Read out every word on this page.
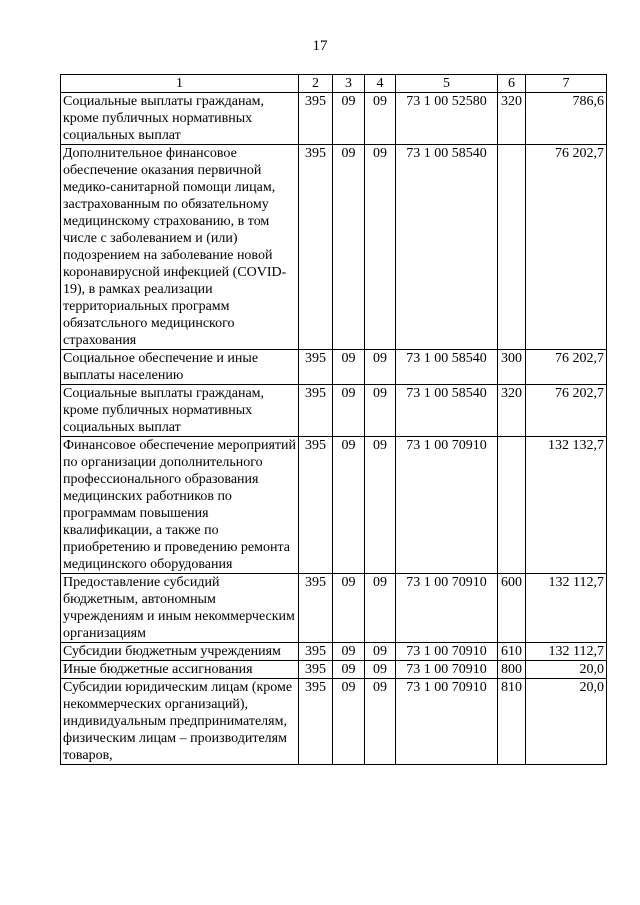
17
1	2	3	4	5	6	7
Социальные выплаты гражданам, кроме публичных нормативных социальных выплат	395	09	09	73 1 00 52580	320	786,6
Дополнительное финансовое обеспечение оказания первичной медико-санитарной помощи лицам, застрахованным по обязательному медицинскому страхованию, в том числе с заболеванием и (или) подозрением на заболевание новой коронавирусной инфекцией (COVID-19), в рамках реализации территориальных программ обязатсльного медицинского страхования	395	09	09	73 1 00 58540		76 202,7
Социальное обеспечение и иные выплаты населению	395	09	09	73 1 00 58540	300	76 202,7
Социальные выплаты гражданам, кроме публичных нормативных социальных выплат	395	09	09	73 1 00 58540	320	76 202,7
Финансовое обеспечение мероприятий по организации дополнительного профессионального образования медицинских работников по программам повышения квалификации, а также по приобретению и проведению ремонта медицинского оборудования	395	09	09	73 1 00 70910		132 132,7
Предоставление субсидий бюджетным, автономным учреждениям и иным некоммерческим организациям	395	09	09	73 1 00 70910	600	132 112,7
Субсидии бюджетным учреждениям	395	09	09	73 1 00 70910	610	132 112,7
Иные бюджетные ассигнования	395	09	09	73 1 00 70910	800	20,0
Субсидии юридическим лицам (кроме некоммерческих организаций), индивидуальным предпринимателям, физическим лицам – производителям товаров,	395	09	09	73 1 00 70910	810	20,0
